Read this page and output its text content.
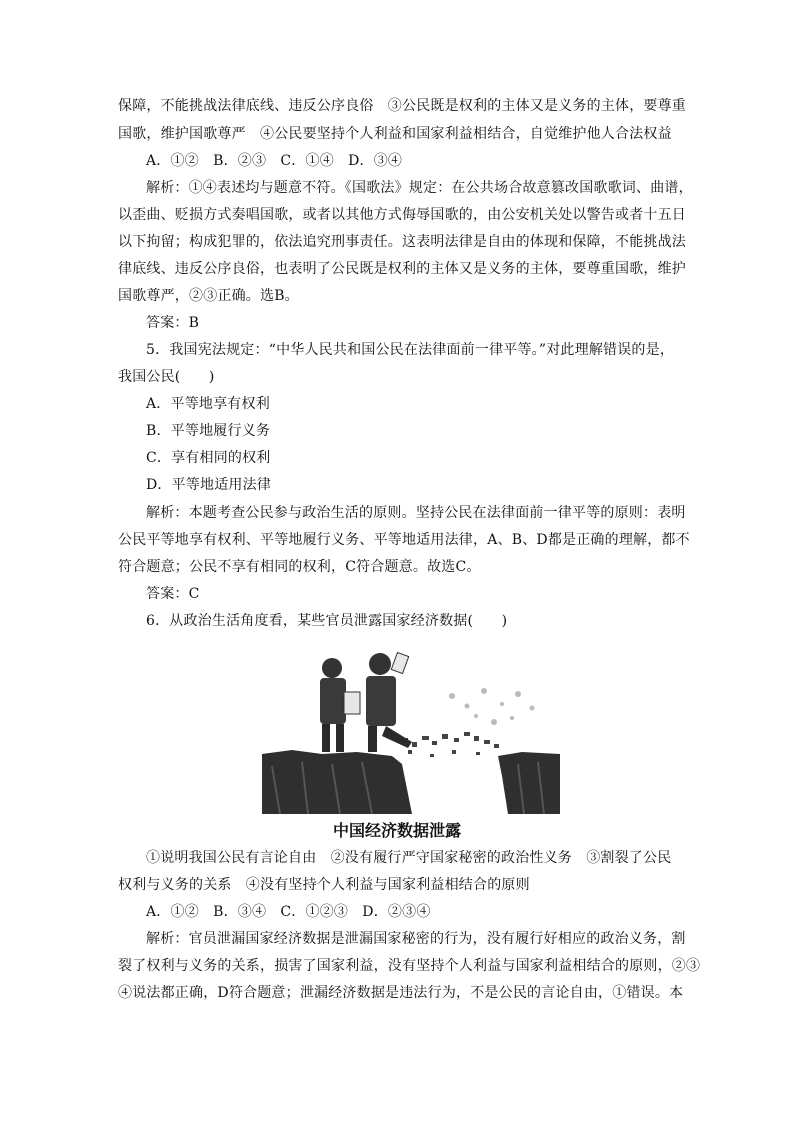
保障，不能挑战法律底线、违反公序良俗　③公民既是权利的主体又是义务的主体，要尊重
国歌，维护国歌尊严　④公民要坚持个人利益和国家利益相结合，自觉维护他人合法权益
A．①②　B．②③　C．①④　D．③④
解析：①④表述均与题意不符。《国歌法》规定：在公共场合故意篡改国歌歌词、曲谱，
以歪曲、贬损方式奏唱国歌，或者以其他方式侮辱国歌的，由公安机关处以警告或者十五日
以下拘留；构成犯罪的，依法追究刑事责任。这表明法律是自由的体现和保障，不能挑战法
律底线、违反公序良俗，也表明了公民既是权利的主体又是义务的主体，要尊重国歌，维护
国歌尊严，②③正确。选B。
答案：B
5．我国宪法规定：“中华人民共和国公民在法律面前一律平等。”对此理解错误的是，
我国公民(　　)
A．平等地享有权利
B．平等地履行义务
C．享有相同的权利
D．平等地适用法律
解析：本题考查公民参与政治生活的原则。坚持公民在法律面前一律平等的原则：表明
公民平等地享有权利、平等地履行义务、平等地适用法律，A、B、D都是正确的理解，都不
符合题意；公民不享有相同的权利，C符合题意。故选C。
答案：C
6．从政治生活角度看，某些官员泄露国家经济数据(　　)
中国经济数据泄露
①说明我国公民有言论自由　②没有履行严守国家秘密的政治性义务　③割裂了公民
权利与义务的关系　④没有坚持个人利益与国家利益相结合的原则
A．①②　B．③④　C．①②③　D．②③④
解析：官员泄漏国家经济数据是泄漏国家秘密的行为，没有履行好相应的政治义务，割
裂了权利与义务的关系，损害了国家利益，没有坚持个人利益与国家利益相结合的原则，②③
④说法都正确，D符合题意；泄漏经济数据是违法行为，不是公民的言论自由，①错误。本
